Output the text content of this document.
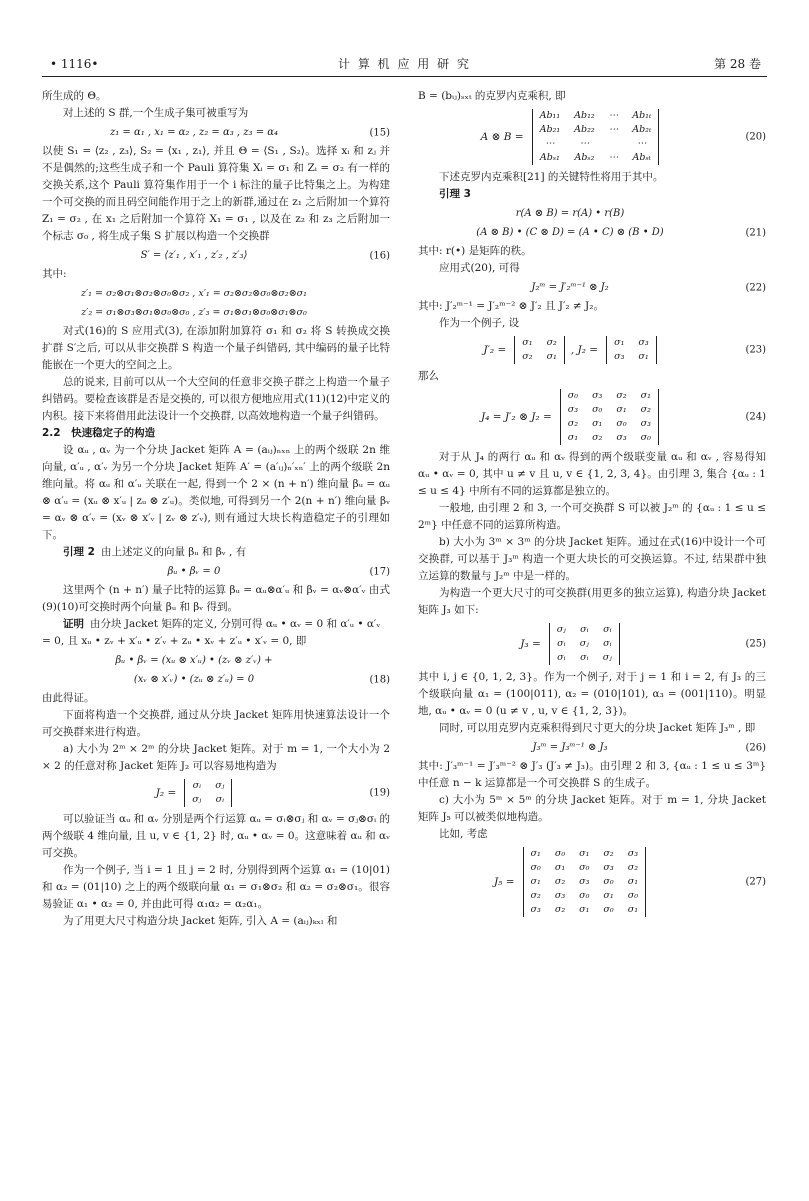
• 1116•	计 算 机 应 用 研 究	第 28 卷

所生成的 Θ。

对上述的 S 群,一个生成子集可被重写为

z₁ = α₁ , x₁ = α₂ , z₂ = α₃ , z₃ = α₄	(15)

以使 S₁ = ⟨z₂ , z₃⟩, S₂ = ⟨x₁ , z₁⟩, 并且 Θ = ⟨S₁ , S₂⟩。选择 xᵢ 和 zⱼ 并不是偶然的;这些生成子和一个 Pauli 算符集 Xᵢ = σ₁ 和 Zᵢ = σ₂ 有一样的交换关系,这个 Pauli 算符集作用于一个 i 标注的量子比特集之上。为构建一个可交换的而且码空间能作用于之上的新群,通过在 z₁ 之后附加一个算符 Z₁ = σ₂ , 在 x₁ 之后附加一个算符 X₁ = σ₁ , 以及在 z₂ 和 z₃ 之后附加一个标志 σ₀ , 将生成子集 S 扩展以构造一个交换群

S′ = ⟨z′₁ , x′₁ , z′₂ , z′₃⟩	(16)

其中:

z′₁ = σ₂⊗σ₁⊗σ₂⊗σ₀⊗σ₂ , x′₁ = σ₂⊗σ₂⊗σ₀⊗σ₂⊗σ₁
z′₂ = σ₁⊗σ₃⊗σ₁⊗σ₀⊗σ₀ , z′₃ = σ₁⊗σ₁⊗σ₀⊗σ₁⊗σ₀

对式(16)的 S 应用式(3), 在添加附加算符 σ₁ 和 σ₂ 将 S 转换成交换扩群 S′之后, 可以从非交换群 S 构造一个量子纠错码, 其中编码的量子比特能嵌在一个更大的空间之上。

总的说来, 目前可以从一个大空间的任意非交换子群之上构造一个量子纠错码。要检查该群是否是交换的, 可以很方便地应用式(11)(12)中定义的内积。接下来将借用此法设计一个交换群, 以高效地构造一个量子纠错码。

2.2　快速稳定子的构造

设 αᵤ , αᵥ 为一个分块 Jacket 矩阵 A = (aᵢⱼ)ₙₓₙ 上的两个级联 2n 维向量, α′ᵤ , α′ᵥ 为另一个分块 Jacket 矩阵 A′ = (a′ᵢⱼ)ₙ′ₓₙ′ 上的两个级联 2n 维向量。将 αᵤ 和 α′ᵤ 关联在一起, 得到一个 2 × (n + n′) 维向量 βᵤ = αᵤ ⊗ α′ᵤ = (xᵤ ⊗ x′ᵤ | zᵤ ⊗ z′ᵤ)。类似地, 可得到另一个 2(n + n′) 维向量 βᵥ = αᵥ ⊗ α′ᵥ = (xᵥ ⊗ x′ᵥ | zᵥ ⊗ z′ᵥ), 则有通过大块长构造稳定子的引理如下。

引理 2 由上述定义的向量 βᵤ 和 βᵥ , 有

βᵤ • βᵥ = 0	(17)

这里两个 (n + n′) 量子比特的运算 βᵤ = αᵤ⊗α′ᵤ 和 βᵥ = αᵥ⊗α′ᵥ 由式(9)(10)可交换时两个向量 βᵤ 和 βᵥ 得到。

证明 由分块 Jacket 矩阵的定义, 分别可得 αᵤ • αᵥ = 0 和 α′ᵤ • α′ᵥ = 0, 且 xᵤ • zᵥ + x′ᵤ • z′ᵥ + zᵤ • xᵥ + z′ᵤ • x′ᵥ = 0, 即

βᵤ • βᵥ = (xᵤ ⊗ x′ᵤ) • (zᵥ ⊗ z′ᵥ) +
(xᵥ ⊗ x′ᵥ) • (zᵤ ⊗ z′ᵤ) = 0	(18)

由此得证。

下面将构造一个交换群, 通过从分块 Jacket 矩阵用快速算法设计一个可交换群来进行构造。

a) 大小为 2ᵐ × 2ᵐ 的分块 Jacket 矩阵。对于 m = 1, 一个大小为 2 × 2 的任意对称 Jacket 矩阵 J₂ 可以容易地构造为

J₂ =
σᵢ	σⱼ
σⱼ	σᵢ
(19)

可以验证当 αᵤ 和 αᵥ 分别是两个行运算 αᵤ = σᵢ⊗σⱼ 和 αᵥ = σⱼ⊗σᵢ 的两个级联 4 维向量, 且 u, v ∈ {1, 2} 时, αᵤ • αᵥ = 0。这意味着 αᵤ 和 αᵥ 可交换。

作为一个例子, 当 i = 1 且 j = 2 时, 分别得到两个运算 α₁ = (10|01) 和 α₂ = (01|10) 之上的两个级联向量 α₁ = σ₁⊗σ₂ 和 α₂ = σ₂⊗σ₁。很容易验证 α₁ • α₂ = 0, 并由此可得 α₁α₂ = α₂α₁。

为了用更大尺寸构造分块 Jacket 矩阵, 引入 A = (aᵢⱼ)ₖₓₗ 和

B = (bᵢⱼ)ₛₓₜ 的克罗内克乘积, 即

A ⊗ B =
Ab₁₁	Ab₁₂	⋯	Ab₁ₜ
Ab₂₁	Ab₂₂	⋯	Ab₂ₜ
⋯	⋯		⋯
Abₛ₁	Abₛ₂	⋯	Abₛₜ
(20)

下述克罗内克乘积[21] 的关键特性将用于其中。

引理 3

r(A ⊗ B) = r(A) • r(B)
(A ⊗ B) • (C ⊗ D) = (A • C) ⊗ (B • D)	(21)

其中: r(•) 是矩阵的秩。

应用式(20), 可得

J₂ᵐ = J′₂ᵐ⁻¹ ⊗ J₂	(22)

其中: J′₂ᵐ⁻¹ = J′₂ᵐ⁻² ⊗ J′₂ 且 J′₂ ≠ J₂。

作为一个例子, 设

J′₂ =
σ₁	σ₂
σ₂	σ₁
, J₂ =
σ₁	σ₃
σ₃	σ₁
(23)

那么

J₄ = J′₂ ⊗ J₂ =
σ₀	σ₃	σ₂	σ₁
σ₃	σ₀	σ₁	σ₂
σ₂	σ₁	σ₀	σ₃
σ₁	σ₂	σ₃	σ₀
(24)

对于从 J₄ 的两行 αᵤ 和 αᵥ 得到的两个级联变量 αᵤ 和 αᵥ , 容易得知 αᵤ • αᵥ = 0, 其中 u ≠ v 且 u, v ∈ {1, 2, 3, 4}。由引理 3, 集合 {αᵤ : 1 ≤ u ≤ 4} 中所有不同的运算都是独立的。

一般地, 由引理 2 和 3, 一个可交换群 S 可以被 J₂ᵐ 的 {αᵤ : 1 ≤ u ≤ 2ᵐ} 中任意不同的运算所构造。

b) 大小为 3ᵐ × 3ᵐ 的分块 Jacket 矩阵。通过在式(16)中设计一个可交换群, 可以基于 J₃ᵐ 构造一个更大块长的可交换运算。不过, 结果群中独立运算的数量与 J₂ᵐ 中是一样的。

为构造一个更大尺寸的可交换群(用更多的独立运算), 构造分块 Jacket 矩阵 J₃ 如下:

J₃ =
σⱼ	σᵢ	σᵢ
σᵢ	σⱼ	σᵢ
σᵢ	σᵢ	σⱼ
(25)

其中 i, j ∈ {0, 1, 2, 3}。作为一个例子, 对于 j = 1 和 i = 2, 有 J₃ 的三个级联向量 α₁ = (100|011), α₂ = (010|101), α₃ = (001|110)。明显地, αᵤ • αᵥ = 0 (u ≠ v , u, v ∈ {1, 2, 3})。

同时, 可以用克罗内克乘积得到尺寸更大的分块 Jacket 矩阵 J₃ᵐ , 即

J₃ᵐ = J₃ᵐ⁻¹ ⊗ J₃	(26)

其中: J′₃ᵐ⁻¹ = J′₃ᵐ⁻² ⊗ J′₃ (J′₃ ≠ J₃)。由引理 2 和 3, {αᵤ : 1 ≤ u ≤ 3ᵐ} 中任意 n − k 运算都是一个可交换群 S 的生成子。

c) 大小为 5ᵐ × 5ᵐ 的分块 Jacket 矩阵。对于 m = 1, 分块 Jacket 矩阵 J₅ 可以被类似地构造。

比如, 考虑

J₅ =
σ₁	σ₀	σ₁	σ₂	σ₃
σ₀	σ₁	σ₀	σ₃	σ₂
σ₁	σ₂	σ₃	σ₀	σ₁
σ₂	σ₃	σ₀	σ₁	σ₀
σ₃	σ₂	σ₁	σ₀	σ₁
(27)
